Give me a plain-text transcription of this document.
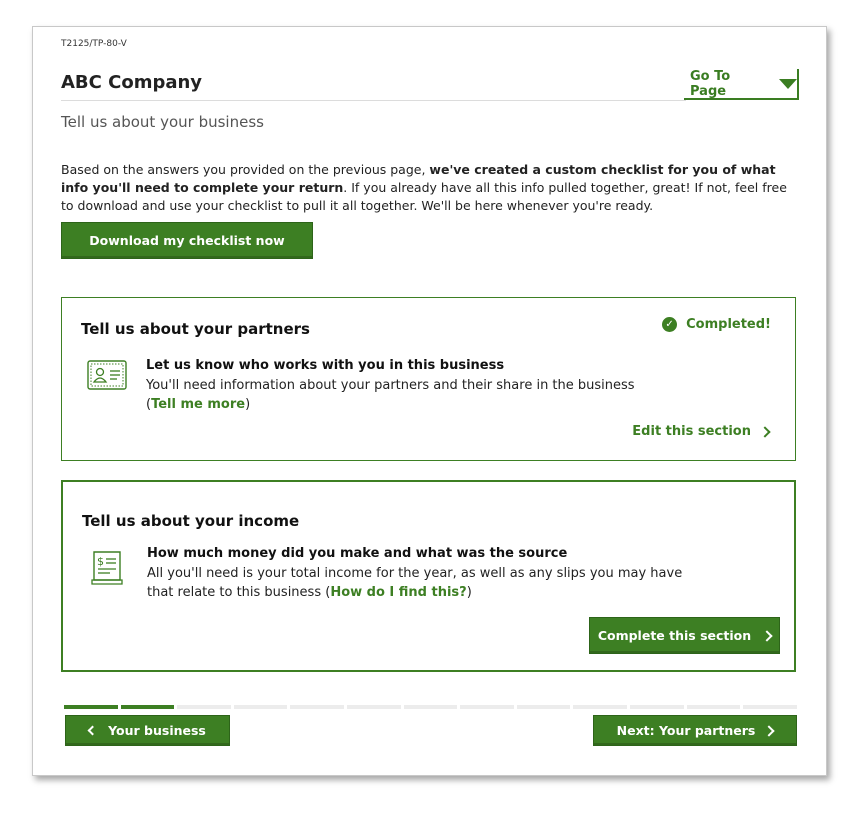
T2125/TP-80-V
ABC Company	Go To Page
Tell us about your business
Based on the answers you provided on the previous page, we've created a custom checklist for you of what info you'll need to complete your return. If you already have all this info pulled together, great! If not, feel free to download and use your checklist to pull it all together. We'll be here whenever you're ready.
Download my checklist now
Tell us about your partners	✓ Completed!
Let us know who works with you in this business
You'll need information about your partners and their share in the business
(Tell me more)
Edit this section
Tell us about your income
$
How much money did you make and what was the source
All you'll need is your total income for the year, as well as any slips you may have that relate to this business (How do I find this?)
Complete this section
Your business	Next: Your partners
